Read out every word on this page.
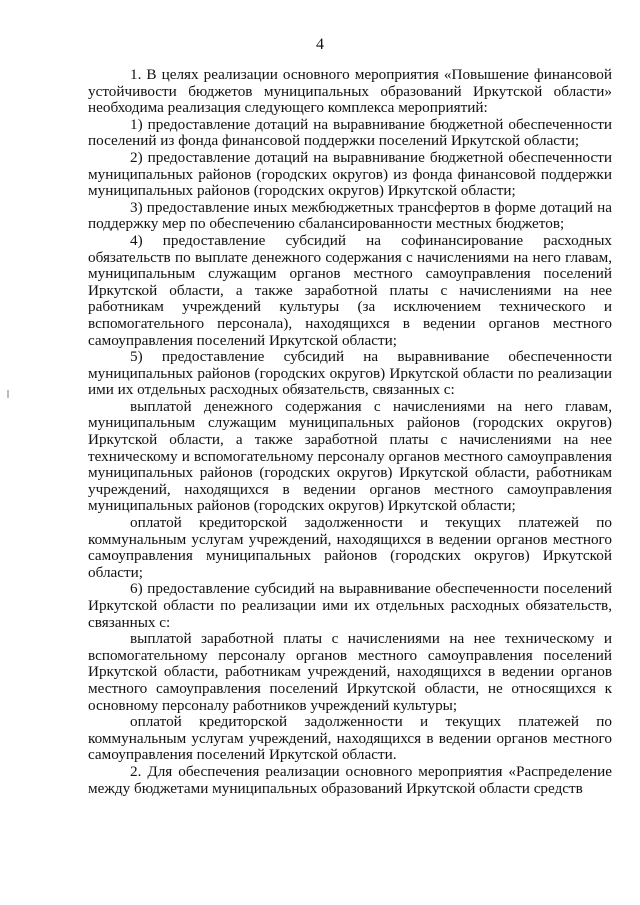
4

1. В целях реализации основного мероприятия «Повышение финансовой устойчивости бюджетов муниципальных образований Иркутской области» необходима реализация следующего комплекса мероприятий:

1) предоставление дотаций на выравнивание бюджетной обеспеченности поселений из фонда финансовой поддержки поселений Иркутской области;

2) предоставление дотаций на выравнивание бюджетной обеспеченности муниципальных районов (городских округов) из фонда финансовой поддержки муниципальных районов (городских округов) Иркутской области;

3) предоставление иных межбюджетных трансфертов в форме дотаций на поддержку мер по обеспечению сбалансированности местных бюджетов;

4) предоставление субсидий на софинансирование расходных обязательств по выплате денежного содержания с начислениями на него главам, муниципальным служащим органов местного самоуправления поселений Иркутской области, а также заработной платы с начислениями на нее работникам учреждений культуры (за исключением технического и вспомогательного персонала), находящихся в ведении органов местного самоуправления поселений Иркутской области;

5) предоставление субсидий на выравнивание обеспеченности муниципальных районов (городских округов) Иркутской области по реализации ими их отдельных расходных обязательств, связанных с:

выплатой денежного содержания с начислениями на него главам, муниципальным служащим муниципальных районов (городских округов) Иркутской области, а также заработной платы с начислениями на нее техническому и вспомогательному персоналу органов местного самоуправления муниципальных районов (городских округов) Иркутской области, работникам учреждений, находящихся в ведении органов местного самоуправления муниципальных районов (городских округов) Иркутской области;

оплатой кредиторской задолженности и текущих платежей по коммунальным услугам учреждений, находящихся в ведении органов местного самоуправления муниципальных районов (городских округов) Иркутской области;

6) предоставление субсидий на выравнивание обеспеченности поселений Иркутской области по реализации ими их отдельных расходных обязательств, связанных с:

выплатой заработной платы с начислениями на нее техническому и вспомогательному персоналу органов местного самоуправления поселений Иркутской области, работникам учреждений, находящихся в ведении органов местного самоуправления поселений Иркутской области, не относящихся к основному персоналу работников учреждений культуры;

оплатой кредиторской задолженности и текущих платежей по коммунальным услугам учреждений, находящихся в ведении органов местного самоуправления поселений Иркутской области.

2. Для обеспечения реализации основного мероприятия «Распределение между бюджетами муниципальных образований Иркутской области средств
